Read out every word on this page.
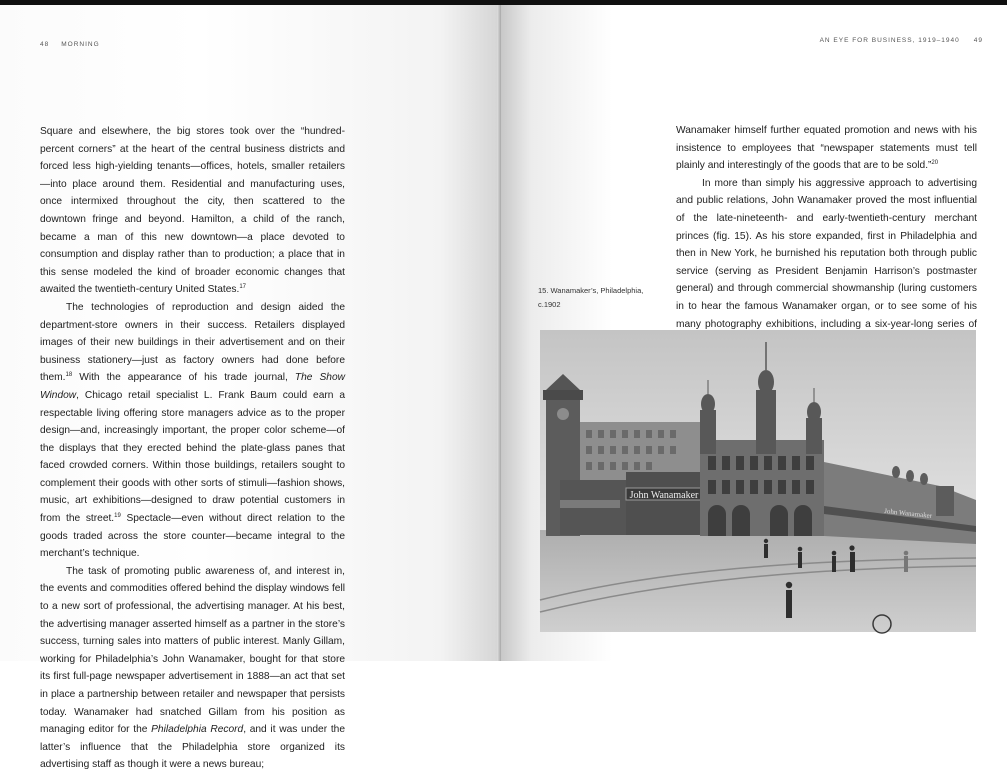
48 MORNING

Square and elsewhere, the big stores took over the “hundred-percent corners” at the heart of the central business districts and forced less high-yielding tenants—offices, hotels, smaller retailers—into place around them. Residential and manufacturing uses, once intermixed throughout the city, then scattered to the downtown fringe and beyond. Hamilton, a child of the ranch, became a man of this new downtown—a place devoted to consumption and display rather than to production; a place that in this sense modeled the kind of broader economic changes that awaited the twentieth-century United States.$^{17}$

The technologies of reproduction and design aided the department-store owners in their success. Retailers displayed images of their new buildings in their advertisement and on their business stationery—just as factory owners had done before them.$^{18}$ With the appearance of his trade journal, The Show Window, Chicago retail specialist L. Frank Baum could earn a respectable living offering store managers advice as to the proper design—and, increasingly important, the proper color scheme—of the displays that they erected behind the plate-glass panes that faced crowded corners. Within those buildings, retailers sought to complement their goods with other sorts of stimuli—fashion shows, music, art exhibitions—designed to draw potential customers in from the street.$^{19}$ Spectacle—even without direct relation to the goods traded across the store counter—became integral to the merchant’s technique.

The task of promoting public awareness of, and interest in, the events and commodities offered behind the display windows fell to a new sort of professional, the advertising manager. At his best, the advertising manager asserted himself as a partner in the store’s success, turning sales into matters of public interest. Manly Gillam, working for Philadelphia’s John Wanamaker, bought for that store its first full-page newspaper advertisement in 1888—an act that set in place a partnership between retailer and newspaper that persists today. Wanamaker had snatched Gillam from his position as managing editor for the Philadelphia Record, and it was under the latter’s influence that the Philadelphia store organized its advertising staff as though it were a news bureau;

AN EYE FOR BUSINESS, 1919–1940 49

Wanamaker himself further equated promotion and news with his insistence to employees that “newspaper statements must tell plainly and interestingly of the goods that are to be sold.”$^{20}$

In more than simply his aggressive approach to advertising and public relations, John Wanamaker proved the most influential of the late-nineteenth- and early-twentieth-century merchant princes (fig. 15). As his store expanded, first in Philadelphia and then in New York, he burnished his reputation both through public service (serving as President Benjamin Harrison’s postmaster general) and through commercial showmanship (luring customers in to hear the famous Wanamaker organ, or to see some of his many photography exhibitions, including a six-year-long series of

15. Wanamaker’s, Philadelphia,
c.1902
John Wanamaker
John Wanamaker
